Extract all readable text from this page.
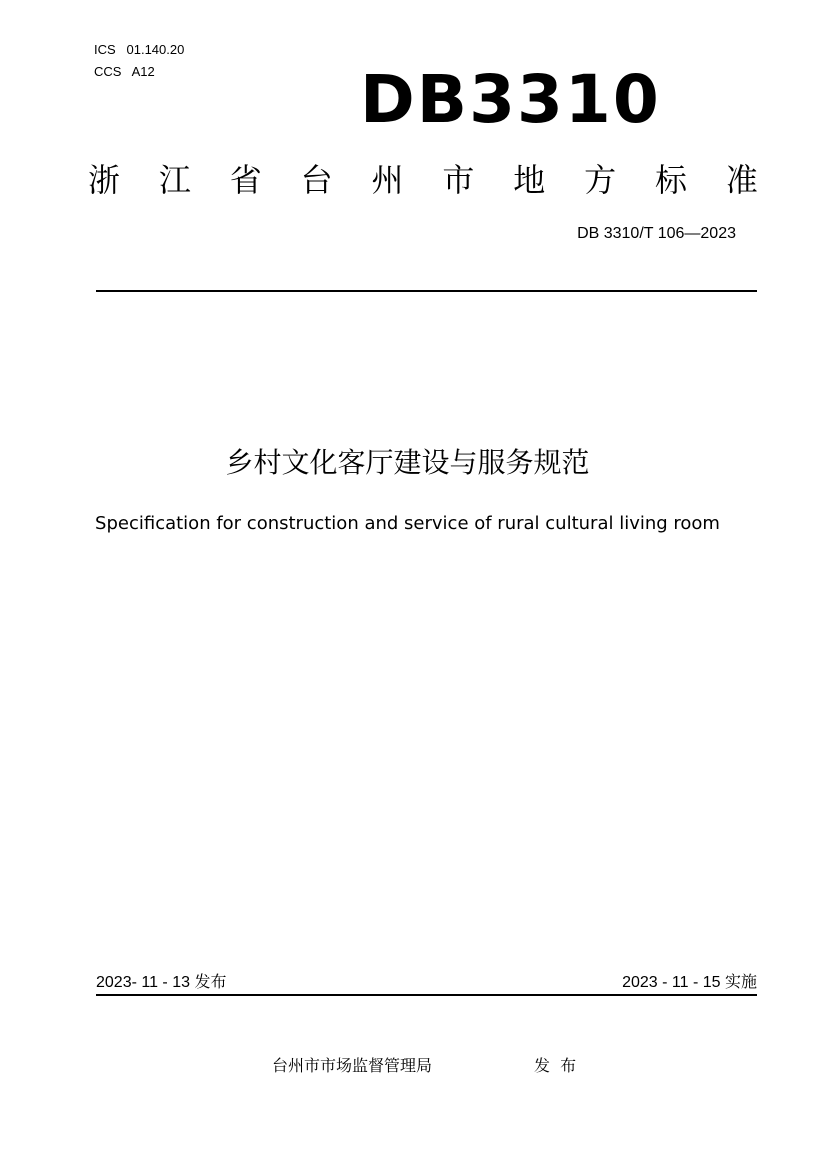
ICS   01.140.20
CCS   A12	DB3310
浙 江 省 台 州 市 地 方 标 准
DB 3310/T 106—2023
乡村文化客厅建设与服务规范
Specification for construction and service of rural cultural living room
2023- 11 - 13 发布	2023 - 11 - 15 实施
台州市市场监督管理局	发  布
